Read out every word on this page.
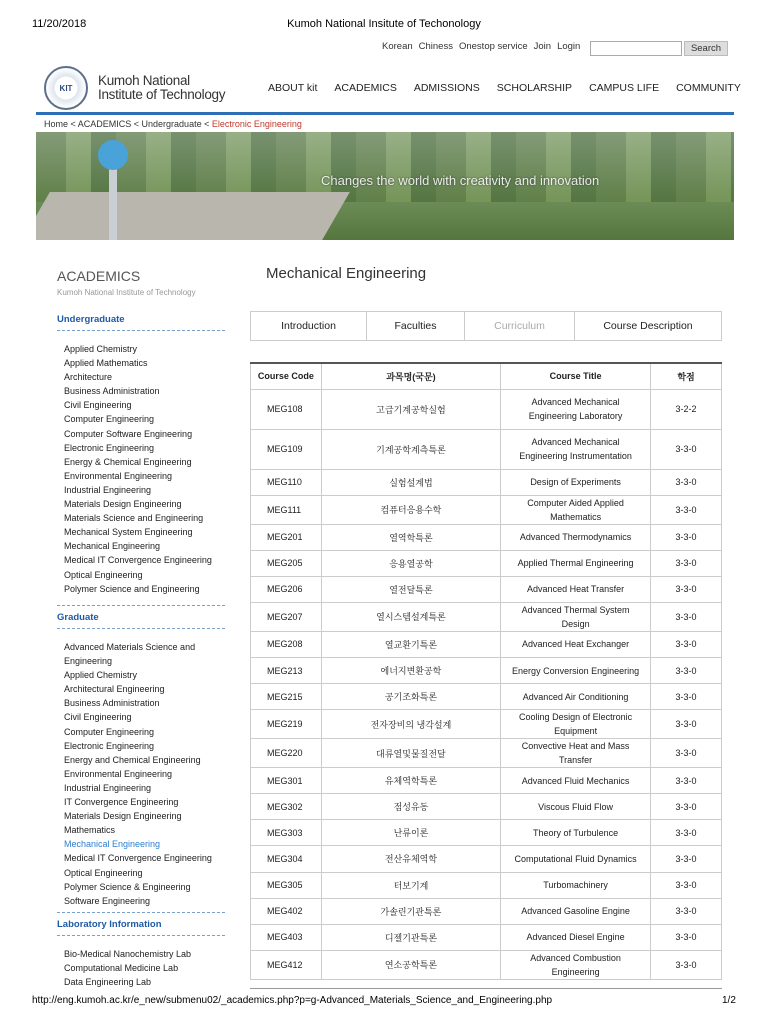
11/20/2018	Kumoh National Insitute of Techonology
Korean Chiness Onestop service Join Login	Search
KIT
Kumoh National
Institute of Technology	ABOUT kit ACADEMICS ADMISSIONS SCHOLARSHIP CAMPUS LIFE COMMUNITY
Home < ACADEMICS < Undergraduate < Electronic Engineering
Changes the world with creativity and innovation
ACADEMICS
Kumoh National Institute of Technology
Undergraduate
Applied Chemistry
Applied Mathematics
Architecture
Business Administration
Civil Engineering
Computer Engineering
Computer Software Engineering
Electronic Engineering
Energy & Chemical Engineering
Environmental Engineering
Industrial Engineering
Materials Design Engineering
Materials Science and Engineering
Mechanical System Engineering
Mechanical Engineering
Medical IT Convergence Engineering
Optical Engineering
Polymer Science and Engineering
Graduate
Advanced Materials Science and Engineering
Applied Chemistry
Architectural Engineering
Business Administration
Civil Engineering
Computer Engineering
Electronic Engineering
Energy and Chemical Engineering
Environmental Engineering
Industrial Engineering
IT Convergence Engineering
Materials Design Engineering
Mathematics
Mechanical Engineering
Medical IT Convergence Engineering
Optical Engineering
Polymer Science & Engineering
Software Engineering
Laboratory Information
Bio-Medical Nanochemistry Lab
Computational Medicine Lab
Data Engineering Lab
Mechanical Engineering
Introduction	Faculties	Curriculum	Course Description
Course Code	과목명(국문)	Course Title	학점
MEG108	고급기계공학실험	Advanced Mechanical Engineering Laboratory	3-2-2
MEG109	기계공학계측특론	Advanced Mechanical Engineering Instrumentation	3-3-0
MEG110	실험설계법	Design of Experiments	3-3-0
MEG111	컴퓨터응용수학	Computer Aided Applied Mathematics	3-3-0
MEG201	열역학특론	Advanced Thermodynamics	3-3-0
MEG205	응용열공학	Applied Thermal Engineering	3-3-0
MEG206	열전달특론	Advanced Heat Transfer	3-3-0
MEG207	열시스템설계특론	Advanced Thermal System Design	3-3-0
MEG208	열교환기특론	Advanced Heat Exchanger	3-3-0
MEG213	에너지변환공학	Energy Conversion Engineering	3-3-0
MEG215	공기조화특론	Advanced Air Conditioning	3-3-0
MEG219	전자장비의 냉각설계	Cooling Design of Electronic Equipment	3-3-0
MEG220	대류열및물질전달	Convective Heat and Mass Transfer	3-3-0
MEG301	유체역학특론	Advanced Fluid Mechanics	3-3-0
MEG302	점성유동	Viscous Fluid Flow	3-3-0
MEG303	난류이론	Theory of Turbulence	3-3-0
MEG304	전산유체역학	Computational Fluid Dynamics	3-3-0
MEG305	터보기계	Turbomachinery	3-3-0
MEG402	가솔린기관특론	Advanced Gasoline Engine	3-3-0
MEG403	디젤기관특론	Advanced Diesel Engine	3-3-0
MEG412	연소공학특론	Advanced Combustion Engineering	3-3-0
http://eng.kumoh.ac.kr/e_new/submenu02/_academics.php?p=g-Advanced_Materials_Science_and_Engineering.php	1/2
